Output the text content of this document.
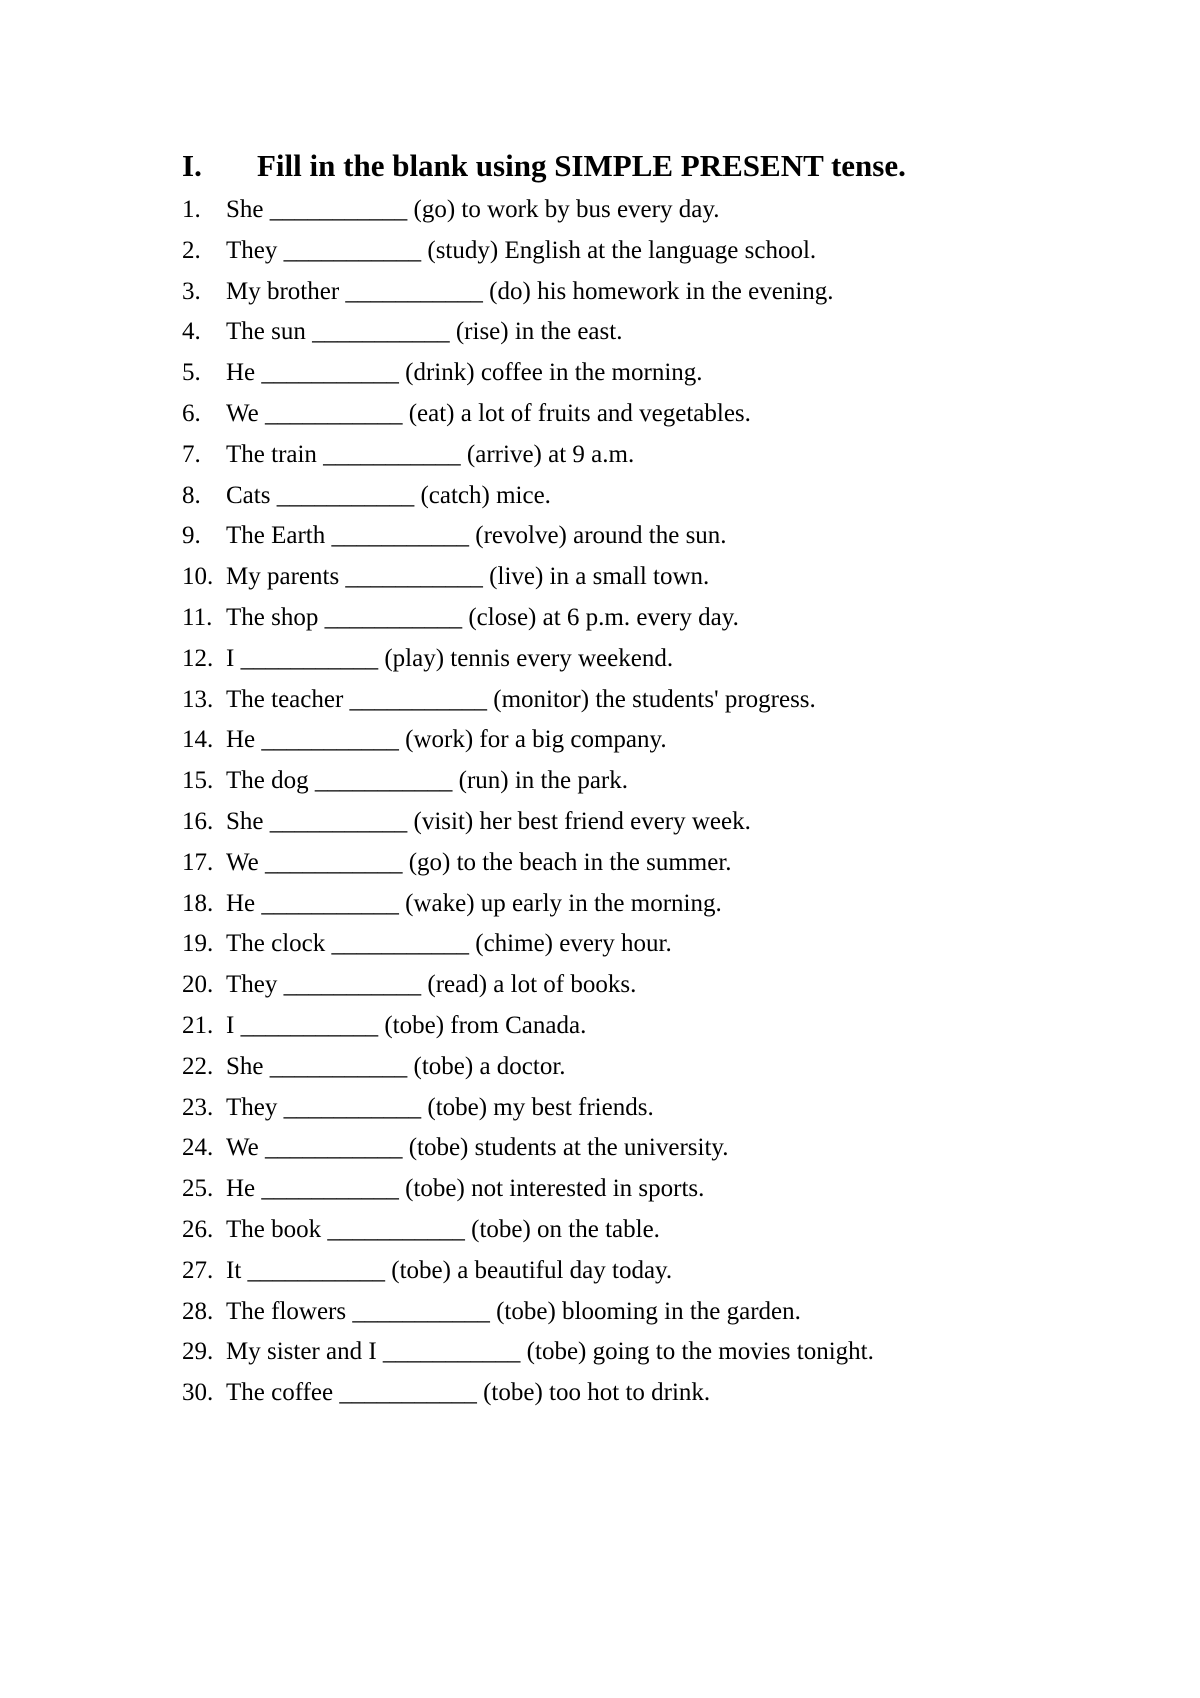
I. Fill in the blank using SIMPLE PRESENT tense.
1. She ___________ (go) to work by bus every day.
2. They ___________ (study) English at the language school.
3. My brother ___________ (do) his homework in the evening.
4. The sun ___________ (rise) in the east.
5. He ___________ (drink) coffee in the morning.
6. We ___________ (eat) a lot of fruits and vegetables.
7. The train ___________ (arrive) at 9 a.m.
8. Cats ___________ (catch) mice.
9. The Earth ___________ (revolve) around the sun.
10. My parents ___________ (live) in a small town.
11. The shop ___________ (close) at 6 p.m. every day.
12. I ___________ (play) tennis every weekend.
13. The teacher ___________ (monitor) the students' progress.
14. He ___________ (work) for a big company.
15. The dog ___________ (run) in the park.
16. She ___________ (visit) her best friend every week.
17. We ___________ (go) to the beach in the summer.
18. He ___________ (wake) up early in the morning.
19. The clock ___________ (chime) every hour.
20. They ___________ (read) a lot of books.
21. I ___________ (tobe) from Canada.
22. She ___________ (tobe) a doctor.
23. They ___________ (tobe) my best friends.
24. We ___________ (tobe) students at the university.
25. He ___________ (tobe) not interested in sports.
26. The book ___________ (tobe) on the table.
27. It ___________ (tobe) a beautiful day today.
28. The flowers ___________ (tobe) blooming in the garden.
29. My sister and I ___________ (tobe) going to the movies tonight.
30. The coffee ___________ (tobe) too hot to drink.
